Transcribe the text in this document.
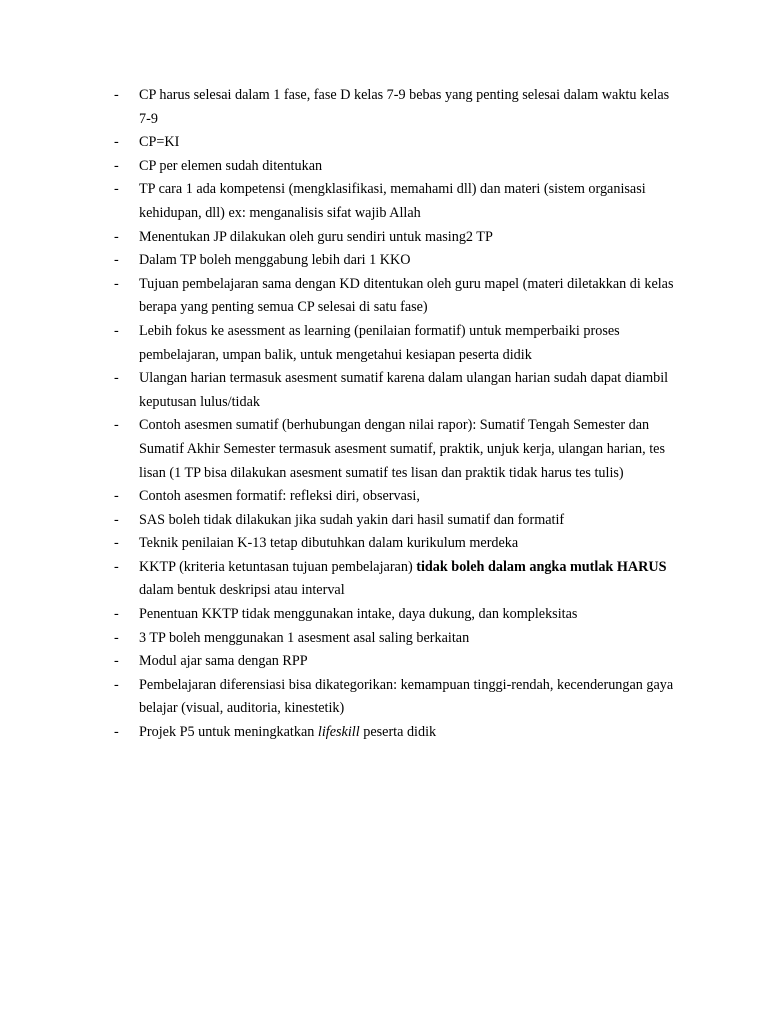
-	CP harus selesai dalam 1 fase, fase D kelas 7-9 bebas yang penting selesai dalam waktu kelas 7-9
-	CP=KI
-	CP per elemen sudah ditentukan
-	TP cara 1 ada kompetensi (mengklasifikasi, memahami dll) dan materi (sistem organisasi kehidupan, dll) ex: menganalisis sifat wajib Allah
-	Menentukan JP dilakukan oleh guru sendiri untuk masing2 TP
-	Dalam TP boleh menggabung lebih dari 1 KKO
-	Tujuan pembelajaran sama dengan KD ditentukan oleh guru mapel (materi diletakkan di kelas berapa yang penting semua CP selesai di satu fase)
-	Lebih fokus ke asessment as learning (penilaian formatif) untuk memperbaiki proses pembelajaran, umpan balik, untuk mengetahui kesiapan peserta didik
-	Ulangan harian termasuk asesment sumatif karena dalam ulangan harian sudah dapat diambil keputusan lulus/tidak
-	Contoh asesmen sumatif (berhubungan dengan nilai rapor): Sumatif Tengah Semester dan Sumatif Akhir Semester termasuk asesment sumatif, praktik, unjuk kerja, ulangan harian, tes lisan (1 TP bisa dilakukan asesment sumatif tes lisan dan praktik tidak harus tes tulis)
-	Contoh asesmen formatif: refleksi diri, observasi,
-	SAS boleh tidak dilakukan jika sudah yakin dari hasil sumatif dan formatif
-	Teknik penilaian K-13 tetap dibutuhkan dalam kurikulum merdeka
-	KKTP (kriteria ketuntasan tujuan pembelajaran) tidak boleh dalam angka mutlak HARUS dalam bentuk deskripsi atau interval
-	Penentuan KKTP tidak menggunakan intake, daya dukung, dan kompleksitas
-	3 TP boleh menggunakan 1 asesment asal saling berkaitan
-	Modul ajar sama dengan RPP
-	Pembelajaran diferensiasi bisa dikategorikan: kemampuan tinggi-rendah, kecenderungan gaya belajar (visual, auditoria, kinestetik)
-	Projek P5 untuk meningkatkan lifeskill peserta didik
